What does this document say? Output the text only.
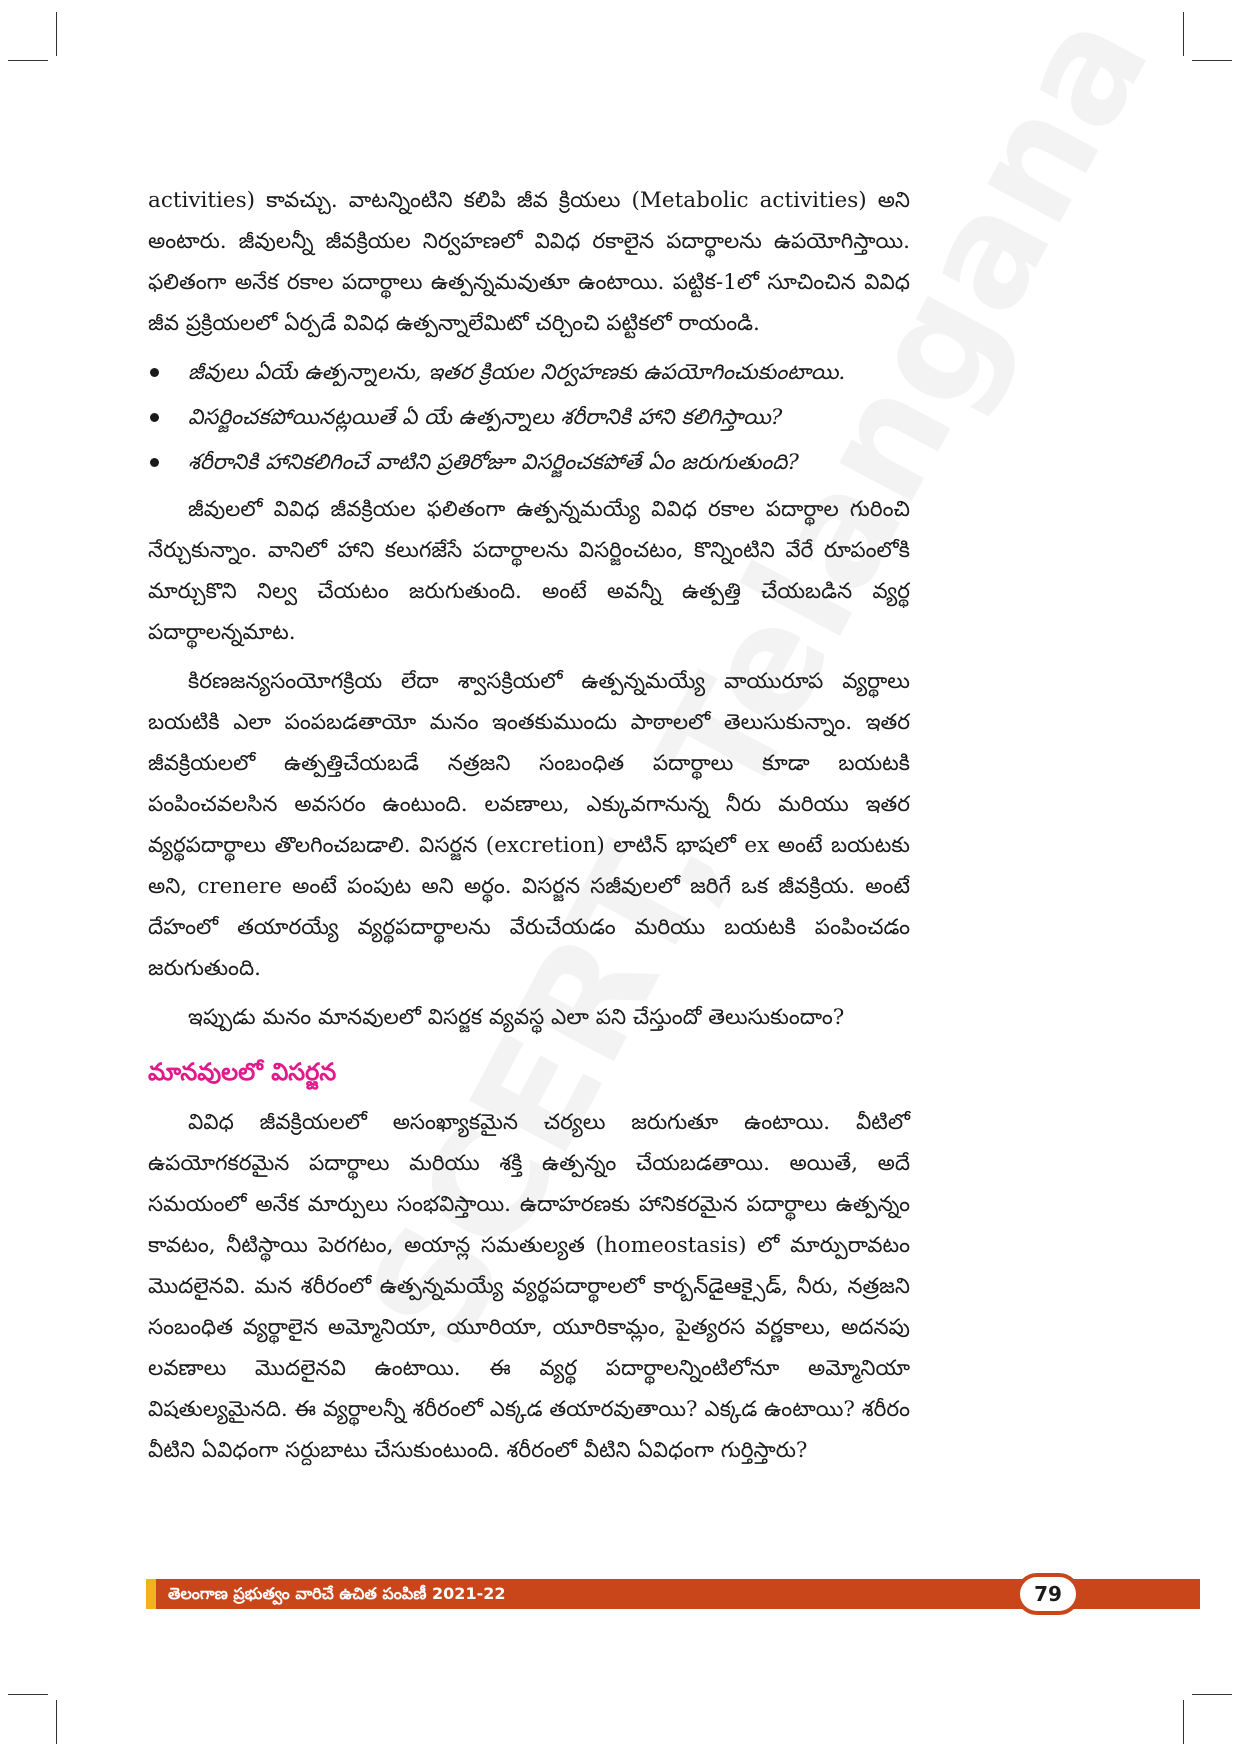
activities) కావచ్చు. వాటన్నింటిని కలిపి జీవ క్రియలు (Metabolic activities) అని అంటారు. జీవులన్నీ జీవక్రియల నిర్వహణలో వివిధ రకాలైన పదార్థాలను ఉపయోగిస్తాయి. ఫలితంగా అనేక రకాల పదార్థాలు ఉత్పన్నమవుతూ ఉంటాయి. పట్టిక-1లో సూచించిన వివిధ జీవ ప్రక్రియలలో ఏర్పడే వివిధ ఉత్పన్నాలేమిటో చర్చించి పట్టికలో రాయండి.

జీవులు ఏయే ఉత్పన్నాలను, ఇతర క్రియల నిర్వహణకు ఉపయోగించుకుంటాయి.
విసర్జించకపోయినట్లయితే ఏ యే ఉత్పన్నాలు శరీరానికి హాని కలిగిస్తాయి?
శరీరానికి హానికలిగించే వాటిని ప్రతిరోజూ విసర్జించకపోతే ఏం జరుగుతుంది?

జీవులలో వివిధ జీవక్రియల ఫలితంగా ఉత్పన్నమయ్యే వివిధ రకాల పదార్థాల గురించి నేర్చుకున్నాం. వానిలో హాని కలుగజేసే పదార్థాలను విసర్జించటం, కొన్నింటిని వేరే రూపంలోకి మార్చుకొని నిల్వ చేయటం జరుగుతుంది. అంటే అవన్నీ ఉత్పత్తి చేయబడిన వ్యర్థ పదార్థాలన్నమాట.

కిరణజన్యసంయోగక్రియ లేదా శ్వాసక్రియలో ఉత్పన్నమయ్యే వాయురూప వ్యర్థాలు బయటికి ఎలా పంపబడతాయో మనం ఇంతకుముందు పాఠాలలో తెలుసుకున్నాం. ఇతర జీవక్రియలలో ఉత్పత్తిచేయబడే నత్రజని సంబంధిత పదార్థాలు కూడా బయటకి పంపించవలసిన అవసరం ఉంటుంది. లవణాలు, ఎక్కువగానున్న నీరు మరియు ఇతర వ్యర్థపదార్థాలు తొలగించబడాలి. విసర్జన (excretion) లాటిన్ భాషలో ex అంటే బయటకు అని, crenere అంటే పంపుట అని అర్థం. విసర్జన సజీవులలో జరిగే ఒక జీవక్రియ. అంటే దేహంలో తయారయ్యే వ్యర్థపదార్థాలను వేరుచేయడం మరియు బయటకి పంపించడం జరుగుతుంది.

ఇప్పుడు మనం మానవులలో విసర్జక వ్యవస్థ ఎలా పని చేస్తుందో తెలుసుకుందాం?

మానవులలో విసర్జన

వివిధ జీవక్రియలలో అసంఖ్యాకమైన చర్యలు జరుగుతూ ఉంటాయి. వీటిలో ఉపయోగకరమైన పదార్థాలు మరియు శక్తి ఉత్పన్నం చేయబడతాయి. అయితే, అదే సమయంలో అనేక మార్పులు సంభవిస్తాయి. ఉదాహరణకు హానికరమైన పదార్థాలు ఉత్పన్నం కావటం, నీటిస్థాయి పెరగటం, అయాన్ల సమతుల్యత (homeostasis) లో మార్పురావటం మొదలైనవి. మన శరీరంలో ఉత్పన్నమయ్యే వ్యర్థపదార్థాలలో కార్బన్‌డైఆక్సైడ్, నీరు, నత్రజని సంబంధిత వ్యర్థాలైన అమ్మోనియా, యూరియా, యూరికామ్లం, పైత్యరస వర్ణకాలు, అదనపు లవణాలు మొదలైనవి ఉంటాయి. ఈ వ్యర్థ పదార్థాలన్నింటిలోనూ అమ్మోనియా విషతుల్యమైనది. ఈ వ్యర్థాలన్నీ శరీరంలో ఎక్కడ తయారవుతాయి? ఎక్కడ ఉంటాయి? శరీరం వీటిని ఏవిధంగా సర్దుబాటు చేసుకుంటుంది. శరీరంలో వీటిని ఏవిధంగా గుర్తిస్తారు?

తెలంగాణ ప్రభుత్వం వారిచే ఉచిత పంపిణీ 2021-22	79
